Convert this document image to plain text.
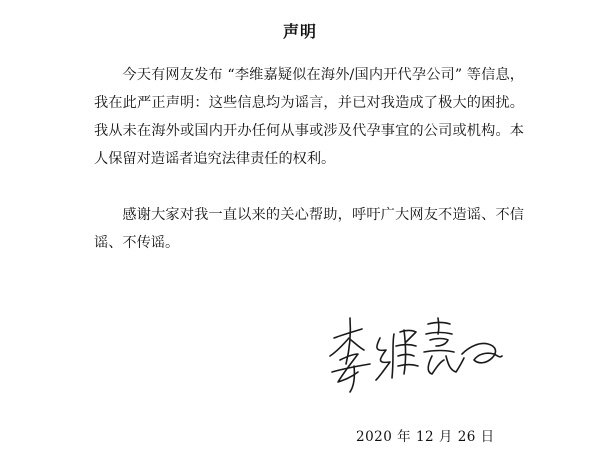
声明

今天有网友发布 “李维嘉疑似在海外/国内开代孕公司” 等信息，我在此严正声明：这些信息均为谣言，并已对我造成了极大的困扰。我从未在海外或国内开办任何从事或涉及代孕事宜的公司或机构。本人保留对造谣者追究法律责任的权利。

感谢大家对我一直以来的关心帮助，呼吁广大网友不造谣、不信谣、不传谣。

2020 年 12 月 26 日
